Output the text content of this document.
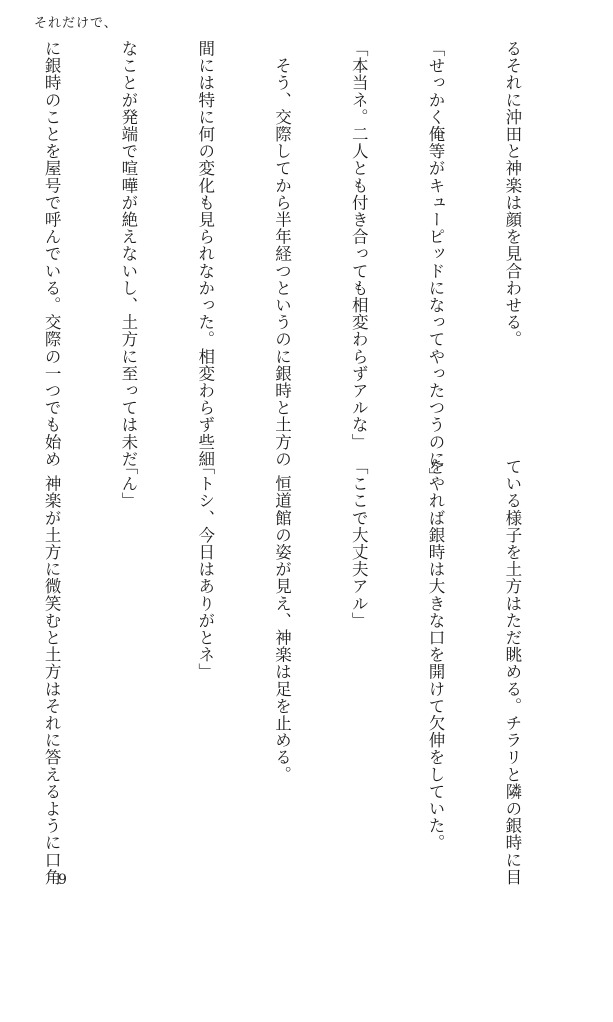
それだけで、

るそれに沖田と神楽は顔を見合わせる。

「せっかく俺等がキューピッドになってやったつうのに」

「本当ネ。二人とも付き合っても相変わらずアルな」

　そう、交際してから半年経つというのに銀時と土方の

間には特に何の変化も見られなかった。相変わらず些細

なことが発端で喧嘩が絶えないし、土方に至っては未だ

に銀時のことを屋号で呼んでいる。交際の一つでも始め

ている様子を土方はただ眺める。チラリと隣の銀時に目

をやれば銀時は大きな口を開けて欠伸をしていた。

「ここで大丈夫アル」

　恒道館の姿が見え、神楽は足を止める。

「トシ、今日はありがとネ」

「ん」

　神楽が土方に微笑むと土方はそれに答えるように口角

9
